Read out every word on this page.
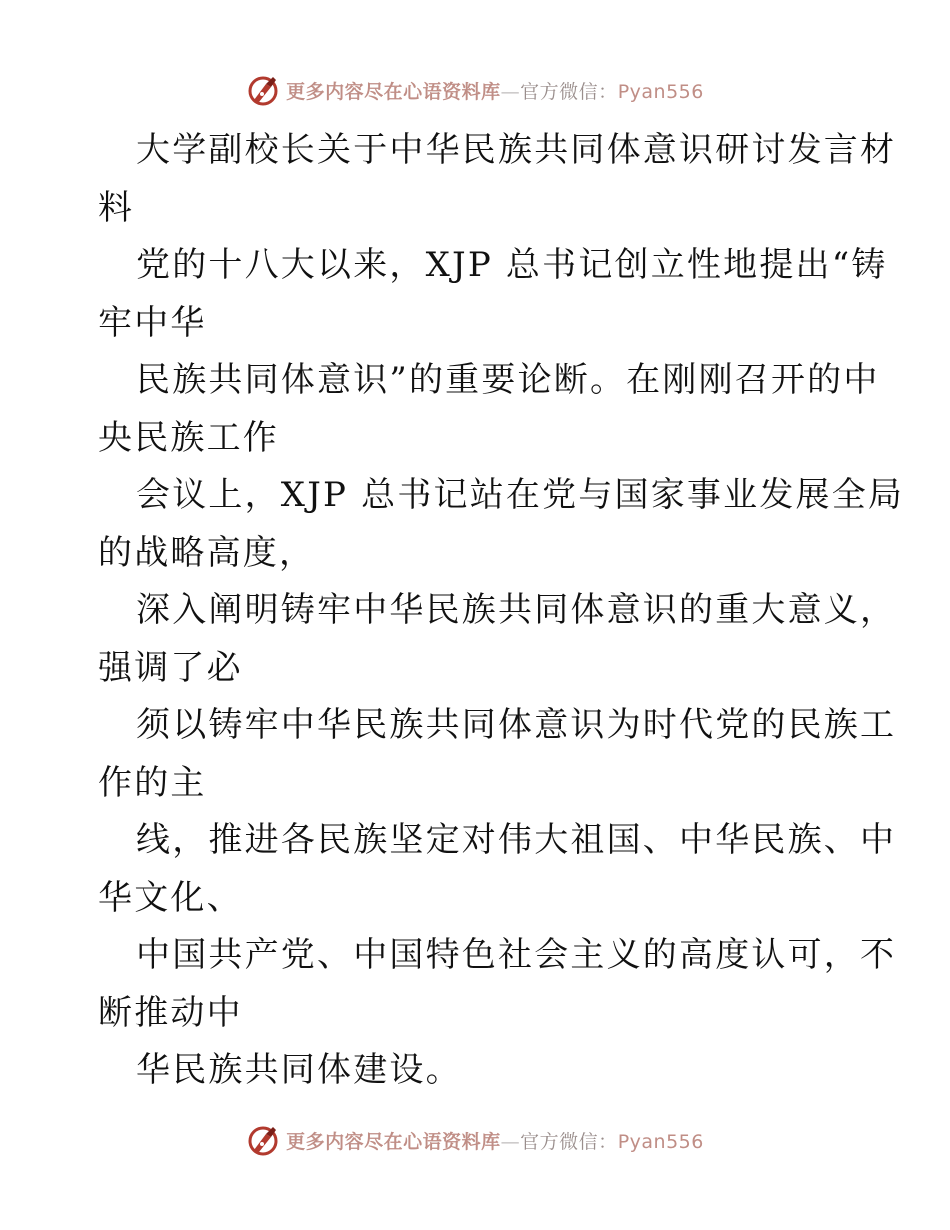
更多内容尽在心语资料库—官方微信：Pyan556

大学副校长关于中华民族共同体意识研讨发言材
料

党的十八大以来，XJP 总书记创立性地提出“铸
牢中华

民族共同体意识”的重要论断。在刚刚召开的中
央民族工作

会议上，XJP 总书记站在党与国家事业发展全局
的战略高度，

深入阐明铸牢中华民族共同体意识的重大意义，
强调了必

须以铸牢中华民族共同体意识为时代党的民族工
作的主

线，推进各民族坚定对伟大祖国、中华民族、中
华文化、

中国共产党、中国特色社会主义的高度认可，不
断推动中

华民族共同体建设。

更多内容尽在心语资料库—官方微信：Pyan556
